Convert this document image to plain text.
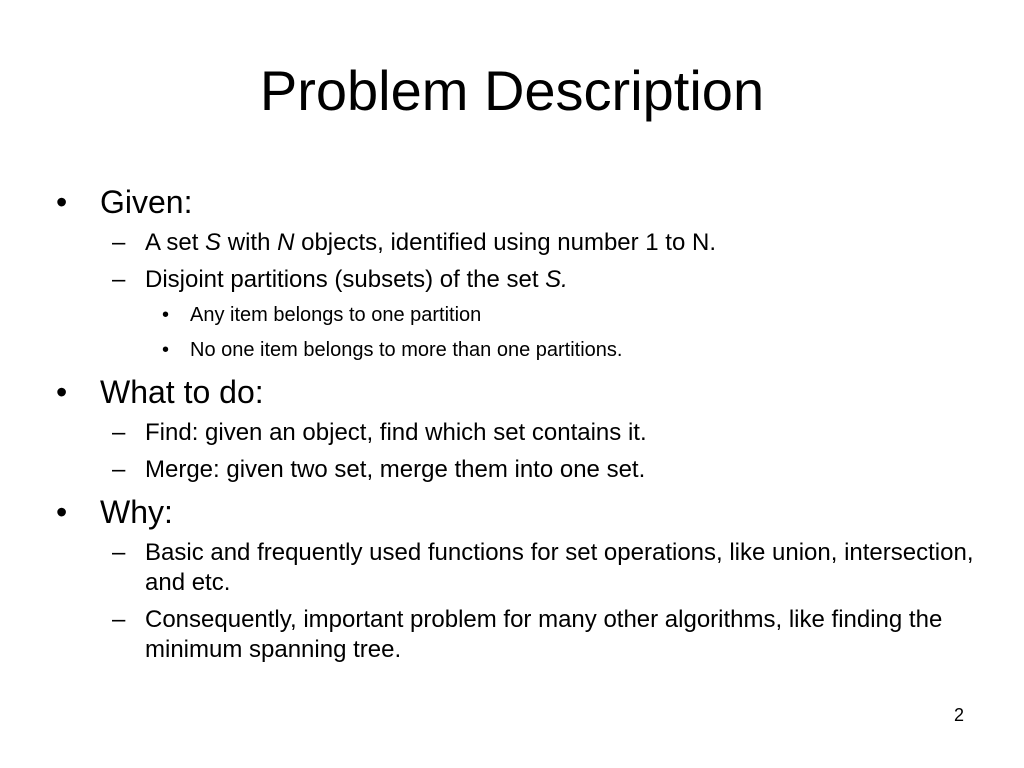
Problem Description
•	Given:
– A set S with N objects, identified using number 1 to N.
– Disjoint partitions (subsets) of the set S.
•	Any item belongs to one partition
•	No one item belongs to more than one partitions.
•	What to do:
– Find: given an object, find which set contains it.
– Merge: given two set, merge them into one set.
•	Why:
– Basic and frequently used functions for set operations, like union, intersection, and etc.
– Consequently, important problem for many other algorithms, like finding the minimum spanning tree.
2
